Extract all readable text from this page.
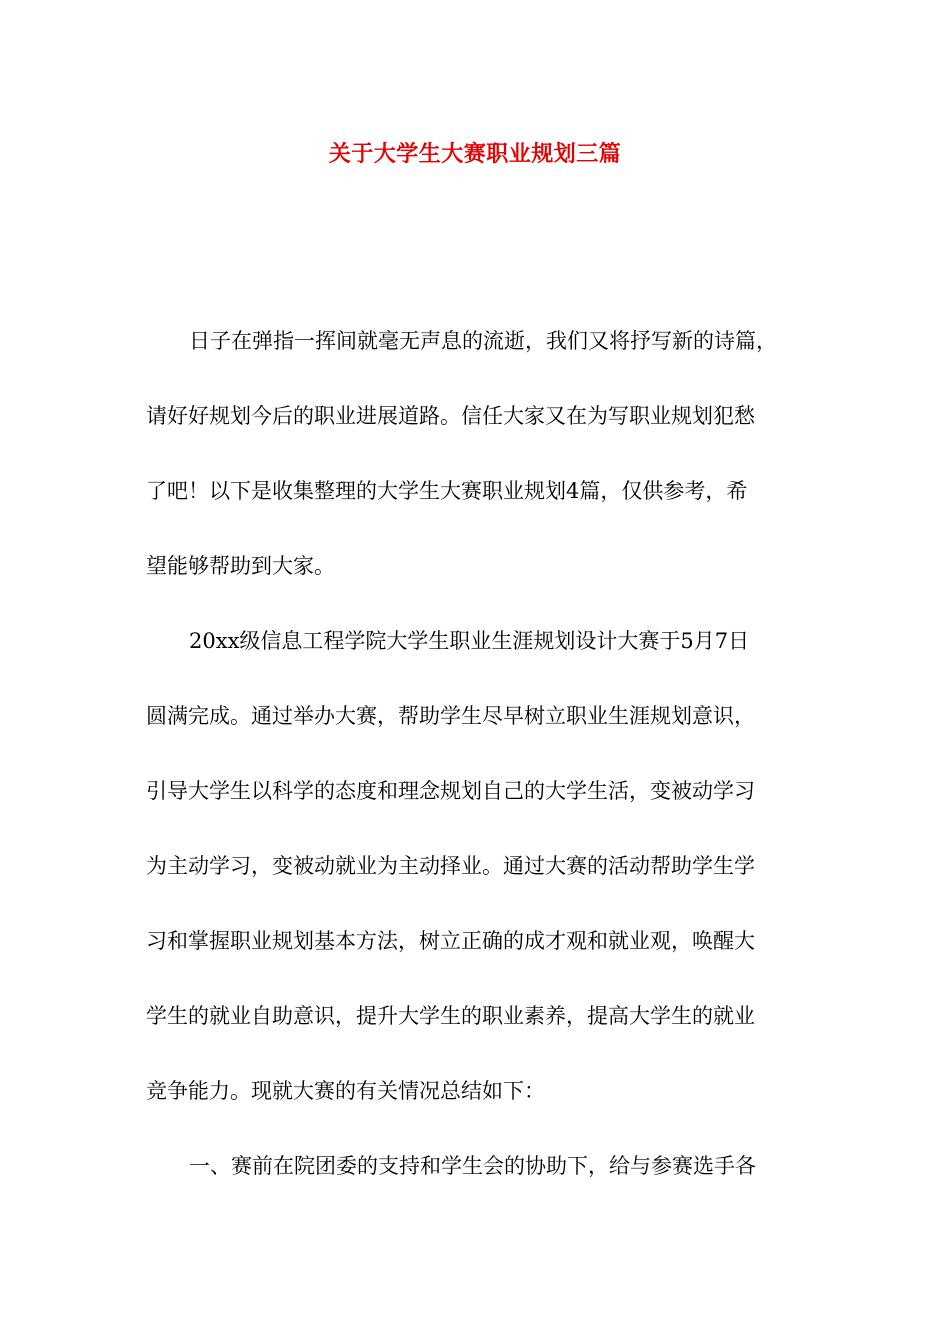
关于大学生大赛职业规划三篇
日子在弹指一挥间就毫无声息的流逝，我们又将抒写新的诗篇，
请好好规划今后的职业进展道路。信任大家又在为写职业规划犯愁
了吧！以下是收集整理的大学生大赛职业规划4篇，仅供参考，希
望能够帮助到大家。
20xx级信息工程学院大学生职业生涯规划设计大赛于5月7日
圆满完成。通过举办大赛，帮助学生尽早树立职业生涯规划意识，
引导大学生以科学的态度和理念规划自己的大学生活，变被动学习
为主动学习，变被动就业为主动择业。通过大赛的活动帮助学生学
习和掌握职业规划基本方法，树立正确的成才观和就业观，唤醒大
学生的就业自助意识，提升大学生的职业素养，提高大学生的就业
竞争能力。现就大赛的有关情况总结如下：
一、赛前在院团委的支持和学生会的协助下，给与参赛选手各
